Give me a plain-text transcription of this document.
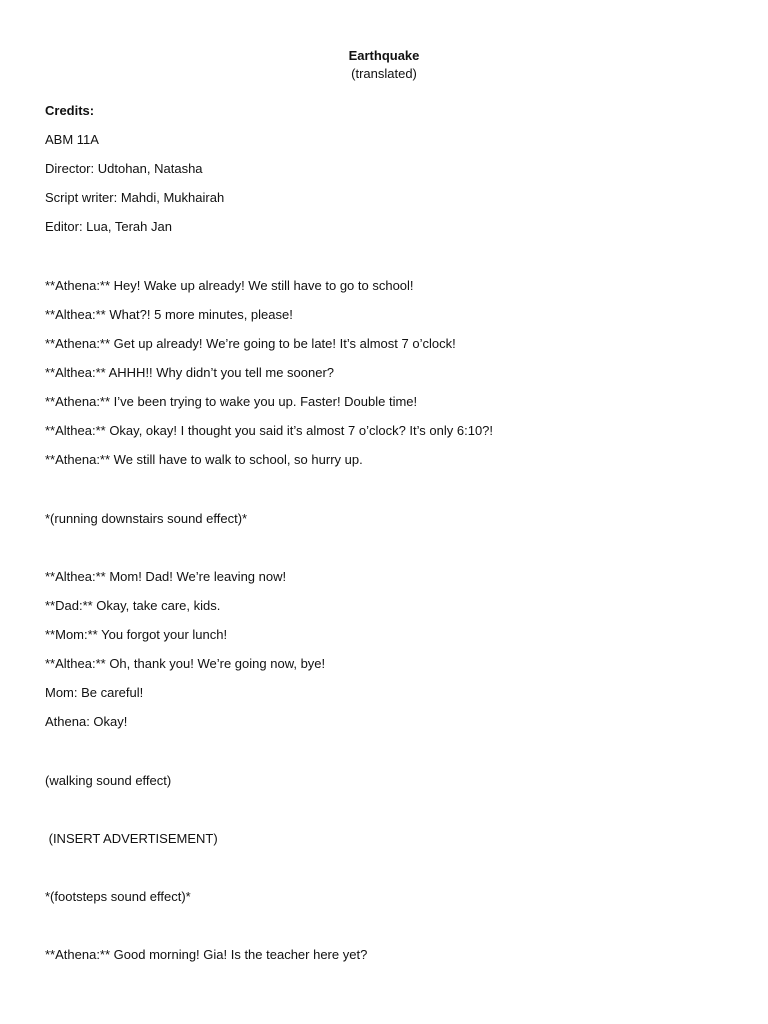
Earthquake
(translated)
Credits:
ABM 11A
Director: Udtohan, Natasha
Script writer: Mahdi, Mukhairah
Editor: Lua, Terah Jan
**Athena:** Hey! Wake up already! We still have to go to school!
**Althea:** What?! 5 more minutes, please!
**Athena:** Get up already! We’re going to be late! It’s almost 7 o’clock!
**Althea:** AHHH!! Why didn’t you tell me sooner?
**Athena:** I’ve been trying to wake you up. Faster! Double time!
**Althea:** Okay, okay! I thought you said it’s almost 7 o’clock? It’s only 6:10?!
**Athena:** We still have to walk to school, so hurry up.
*(running downstairs sound effect)*
**Althea:** Mom! Dad! We’re leaving now!
**Dad:** Okay, take care, kids.
**Mom:** You forgot your lunch!
**Althea:** Oh, thank you! We’re going now, bye!
Mom: Be careful!
Athena: Okay!
(walking sound effect)
(INSERT ADVERTISEMENT)
*(footsteps sound effect)*
**Athena:** Good morning! Gia! Is the teacher here yet?
